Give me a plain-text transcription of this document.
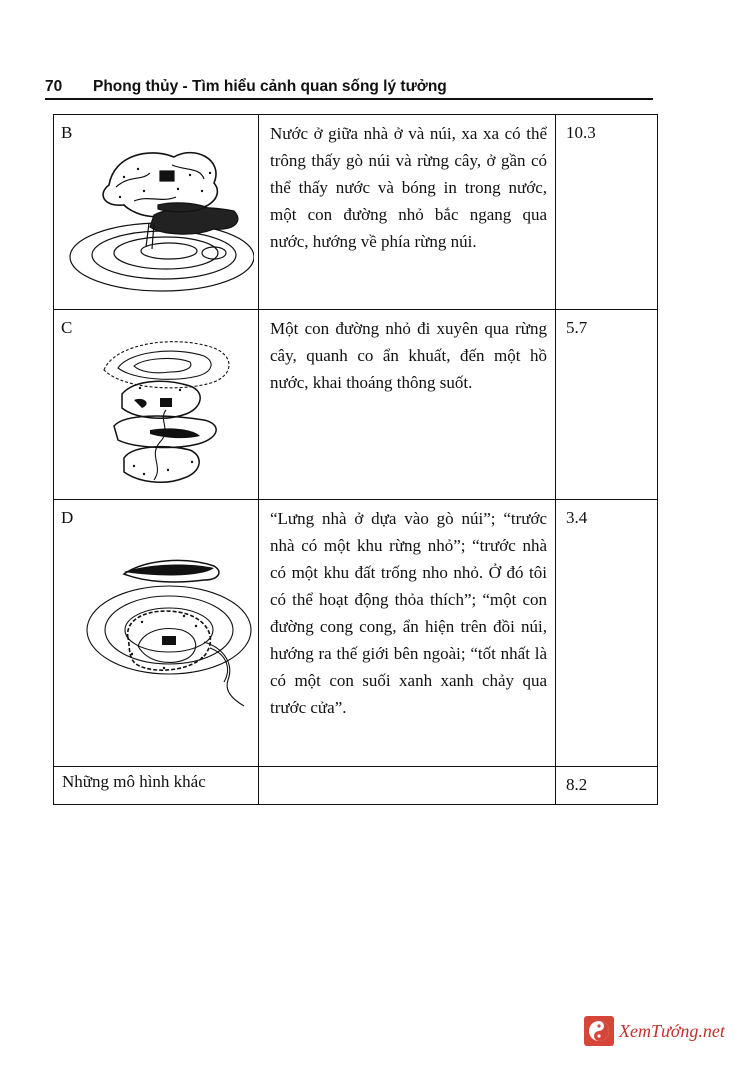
70 Phong thủy - Tìm hiểu cảnh quan sống lý tưởng
B	Nước ở giữa nhà ở và núi, xa xa có thể trông thấy gò núi và rừng cây, ở gần có thể thấy nước và bóng in trong nước, một con đường nhỏ bắc ngang qua nước, hướng về phía rừng núi.	10.3

C	Một con đường nhỏ đi xuyên qua rừng cây, quanh co ẩn khuất, đến một hồ nước, khai thoáng thông suốt.	5.7

D	“Lưng nhà ở dựa vào gò núi”; “trước nhà có một khu rừng nhỏ”; “trước nhà có một khu đất trống nho nhỏ. Ở đó tôi có thể hoạt động thỏa thích”; “một con đường cong cong, ẩn hiện trên đồi núi, hướng ra thế giới bên ngoài; “tốt nhất là có một con suối xanh xanh chảy qua trước cửa”.	3.4

Những mô hình khác		8.2
XemTướng.net
